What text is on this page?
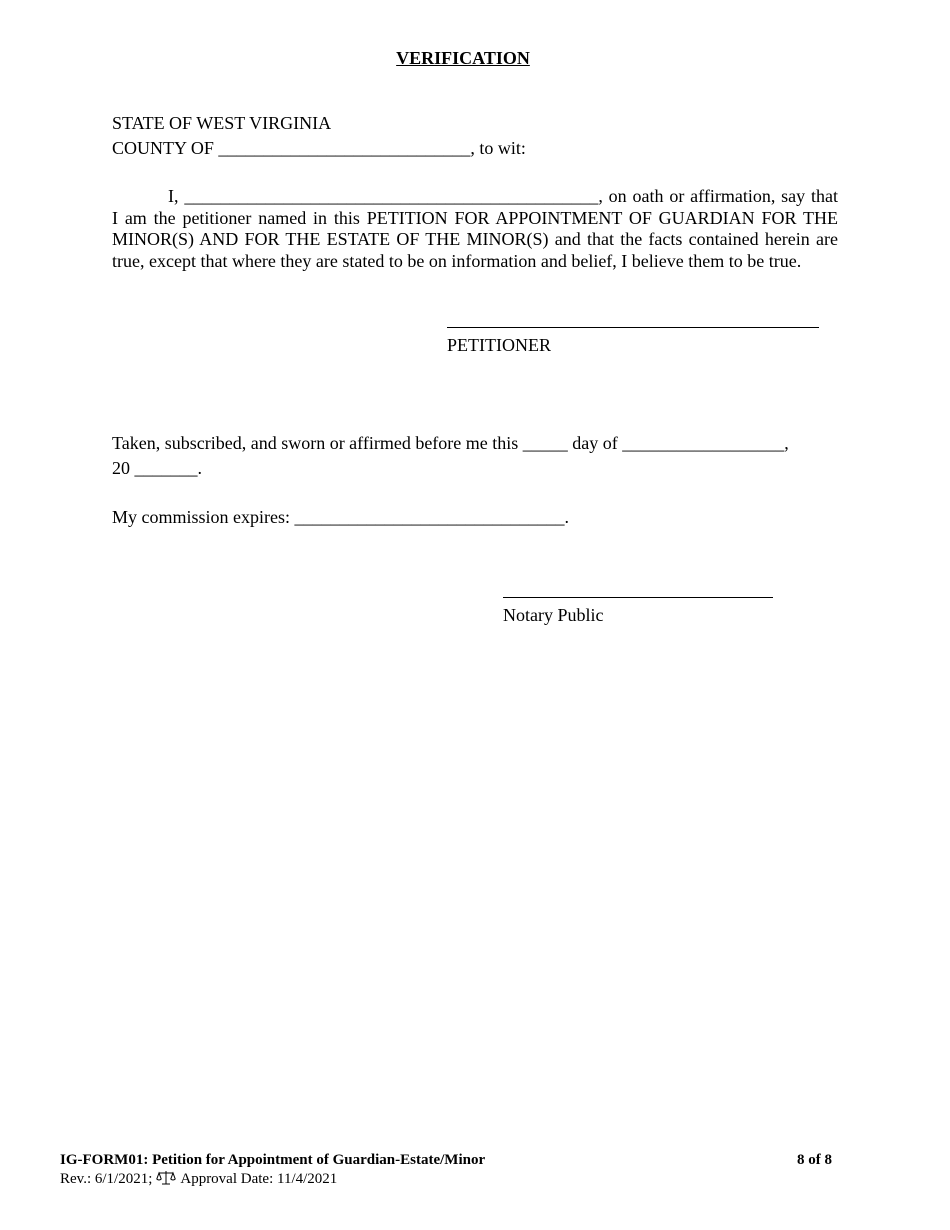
VERIFICATION
STATE OF WEST VIRGINIA
COUNTY OF ____________________________, to wit:
I, ______________________________________________, on oath or affirmation, say that I am the petitioner named in this PETITION FOR APPOINTMENT OF GUARDIAN FOR THE MINOR(S) AND FOR THE ESTATE OF THE MINOR(S) and that the facts contained herein are true, except that where they are stated to be on information and belief, I believe them to be true.
PETITIONER
Taken, subscribed, and sworn or affirmed before me this _____ day of __________________,
20 _______.
My commission expires: ______________________________.
Notary Public
IG-FORM01: Petition for Appointment of Guardian-Estate/Minor	8 of 8
Rev.: 6/1/2021; Approval Date: 11/4/2021
